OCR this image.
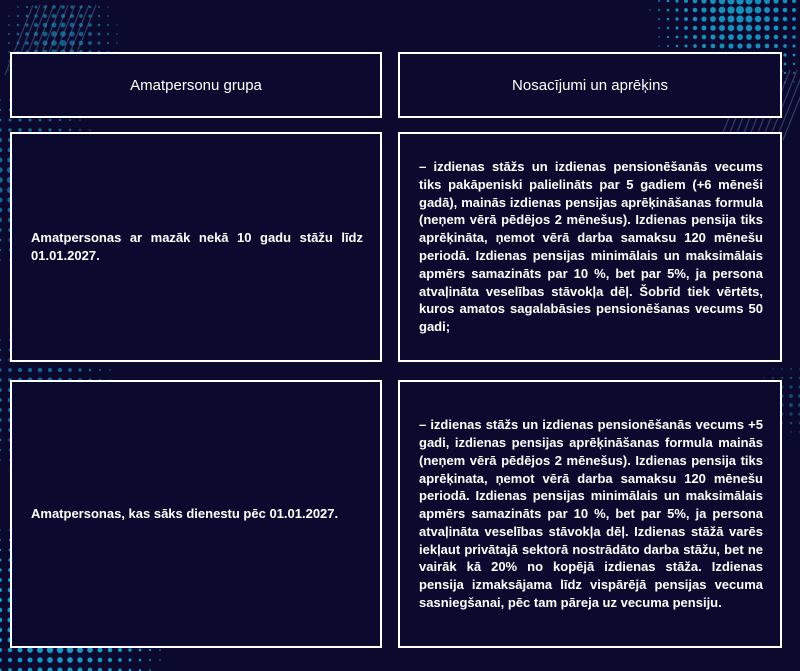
Amatpersonu grupa	Nosacījumi un aprēķins
Amatpersonas ar mazāk nekā 10 gadu stāžu līdz 01.01.2027.
– izdienas stāžs un izdienas pensionēšanās vecums tiks pakāpeniski palielināts par 5 gadiem (+6 mēneši gadā), mainās izdienas pensijas aprēķināšanas formula (neņem vērā pēdējos 2 mēnešus). Izdienas pensija tiks aprēķināta, ņemot vērā darba samaksu 120 mēnešu periodā. Izdienas pensijas minimālais un maksimālais apmērs samazināts par 10 %, bet par 5%, ja persona atvaļināta veselības stāvokļa dēļ. Šobrīd tiek vērtēts, kuros amatos sagalabāsies pensionēšanas vecums 50 gadi;
Amatpersonas, kas sāks dienestu pēc 01.01.2027.
– izdienas stāžs un izdienas pensionēšanās vecums +5 gadi, izdienas pensijas aprēķināšanas formula mainās (neņem vērā pēdējos 2 mēnešus). Izdienas pensija tiks aprēķinata, ņemot vērā darba samaksu 120 mēnešu periodā. Izdienas pensijas minimālais un maksimālais apmērs samazināts par 10 %, bet par 5%, ja persona atvaļināta veselības stāvokļa dēļ. Izdienas stāžā varēs iekļaut privātajā sektorā nostrādāto darba stāžu, bet ne vairāk kā 20% no kopējā izdienas stāža. Izdienas pensija izmaksājama līdz vispārējā pensijas vecuma sasniegšanai, pēc tam pāreja uz vecuma pensiju.
